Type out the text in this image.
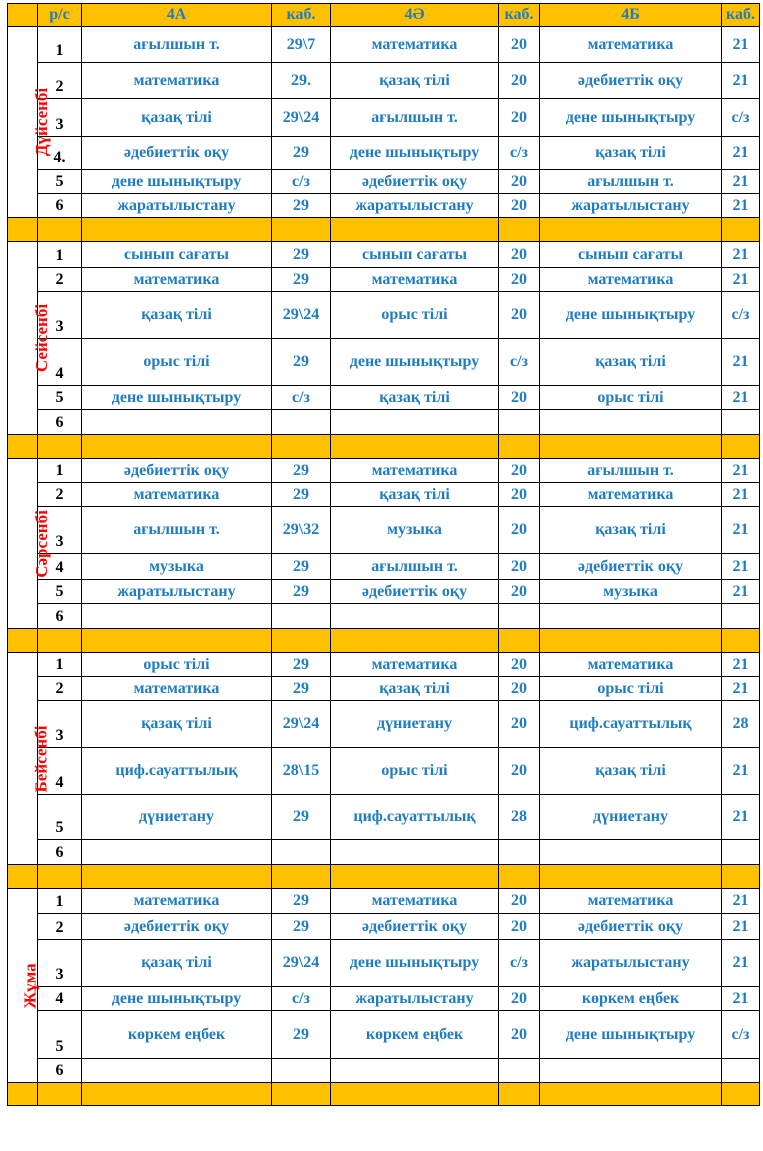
	р/с	4А	каб.	4Ә	каб.	4Б	каб.
Дүйсенбі	1	ағылшын т.	29\7	математика	20	математика	21
	2	математика	29.	қазақ тілі	20	әдебиеттік оқу	21
	3	қазақ тілі	29\24	ағылшын т.	20	дене шынықтыру	с/з
	4.	әдебиеттік оқу	29	дене шынықтыру	с/з	қазақ тілі	21
	5	дене шынықтыру	с/з	әдебиеттік оқу	20	ағылшын т.	21
	6	жаратылыстану	29	жаратылыстану	20	жаратылыстану	21

Сейсенбі	1	сынып сағаты	29	сынып сағаты	20	сынып сағаты	21
	2	математика	29	математика	20	математика	21
	3	қазақ тілі	29\24	орыс тілі	20	дене шынықтыру	с/з
	4	орыс тілі	29	дене шынықтыру	с/з	қазақ тілі	21
	5	дене шынықтыру	с/з	қазақ тілі	20	орыс тілі	21
	6						

Сәрсенбі	1	әдебиеттік оқу	29	математика	20	ағылшын т.	21
	2	математика	29	қазақ тілі	20	математика	21
	3	ағылшын т.	29\32	музыка	20	қазақ тілі	21
	4	музыка	29	ағылшын т.	20	әдебиеттік оқу	21
	5	жаратылыстану	29	әдебиеттік оқу	20	музыка	21
	6						

Бейсенбі	1	орыс тілі	29	математика	20	математика	21
	2	математика	29	қазақ тілі	20	орыс тілі	21
	3	қазақ тілі	29\24	дүниетану	20	циф.сауаттылық	28
	4	циф.сауаттылық	28\15	орыс тілі	20	қазақ тілі	21
	5	дүниетану	29	циф.сауаттылық	28	дүниетану	21
	6						

Жұма	1	математика	29	математика	20	математика	21
	2	әдебиеттік оқу	29	әдебиеттік оқу	20	әдебиеттік оқу	21
	3	қазақ тілі	29\24	дене шынықтыру	с/з	жаратылыстану	21
	4	дене шынықтыру	с/з	жаратылыстану	20	көркем еңбек	21
	5	көркем еңбек	29	көркем еңбек	20	дене шынықтыру	с/з
	6						
